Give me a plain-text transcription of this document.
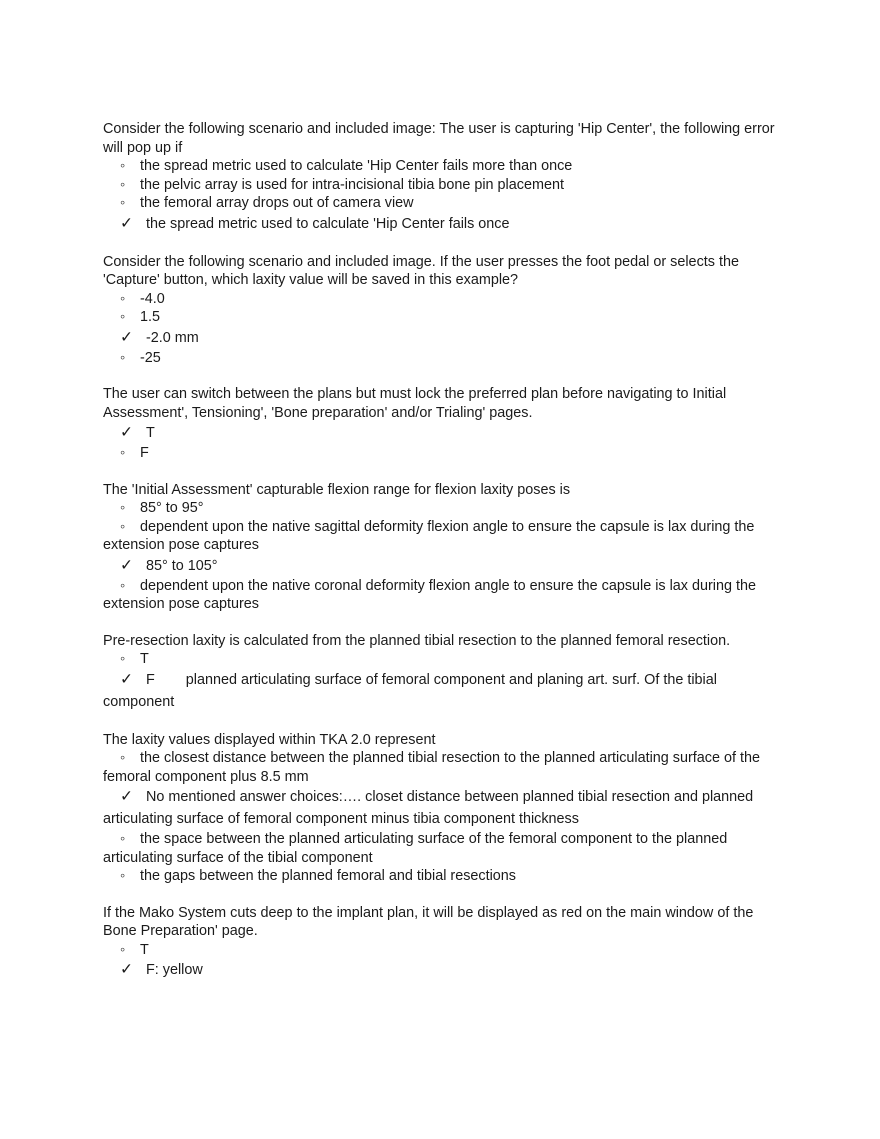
Consider the following scenario and included image: The user is capturing 'Hip Center', the following error will pop up if

◦ the spread metric used to calculate 'Hip Center fails more than once
◦ the pelvic array is used for intra-incisional tibia bone pin placement
◦ the femoral array drops out of camera view
✓ the spread metric used to calculate 'Hip Center fails once

Consider the following scenario and included image. If the user presses the foot pedal or selects the 'Capture' button, which laxity value will be saved in this example?

◦ -4.0
◦ 1.5
✓ -2.0 mm
◦ -25

The user can switch between the plans but must lock the preferred plan before navigating to Initial Assessment', Tensioning', 'Bone preparation' and/or Trialing' pages.

✓ T
◦ F

The 'Initial Assessment' capturable flexion range for flexion laxity poses is

◦ 85° to 95°
◦ dependent upon the native sagittal deformity flexion angle to ensure the capsule is lax during the extension pose captures
✓ 85° to 105°
◦ dependent upon the native coronal deformity flexion angle to ensure the capsule is lax during the extension pose captures

Pre-resection laxity is calculated from the planned tibial resection to the planned femoral resection.

◦ T
✓ F planned articulating surface of femoral component and planing art. surf. Of the tibial component

The laxity values displayed within TKA 2.0 represent

◦ the closest distance between the planned tibial resection to the planned articulating surface of the femoral component plus 8.5 mm
✓ No mentioned answer choices:…. closet distance between planned tibial resection and planned articulating surface of femoral component minus tibia component thickness
◦ the space between the planned articulating surface of the femoral component to the planned articulating surface of the tibial component
◦ the gaps between the planned femoral and tibial resections

If the Mako System cuts deep to the implant plan, it will be displayed as red on the main window of the Bone Preparation' page.

◦ T
✓ F: yellow
